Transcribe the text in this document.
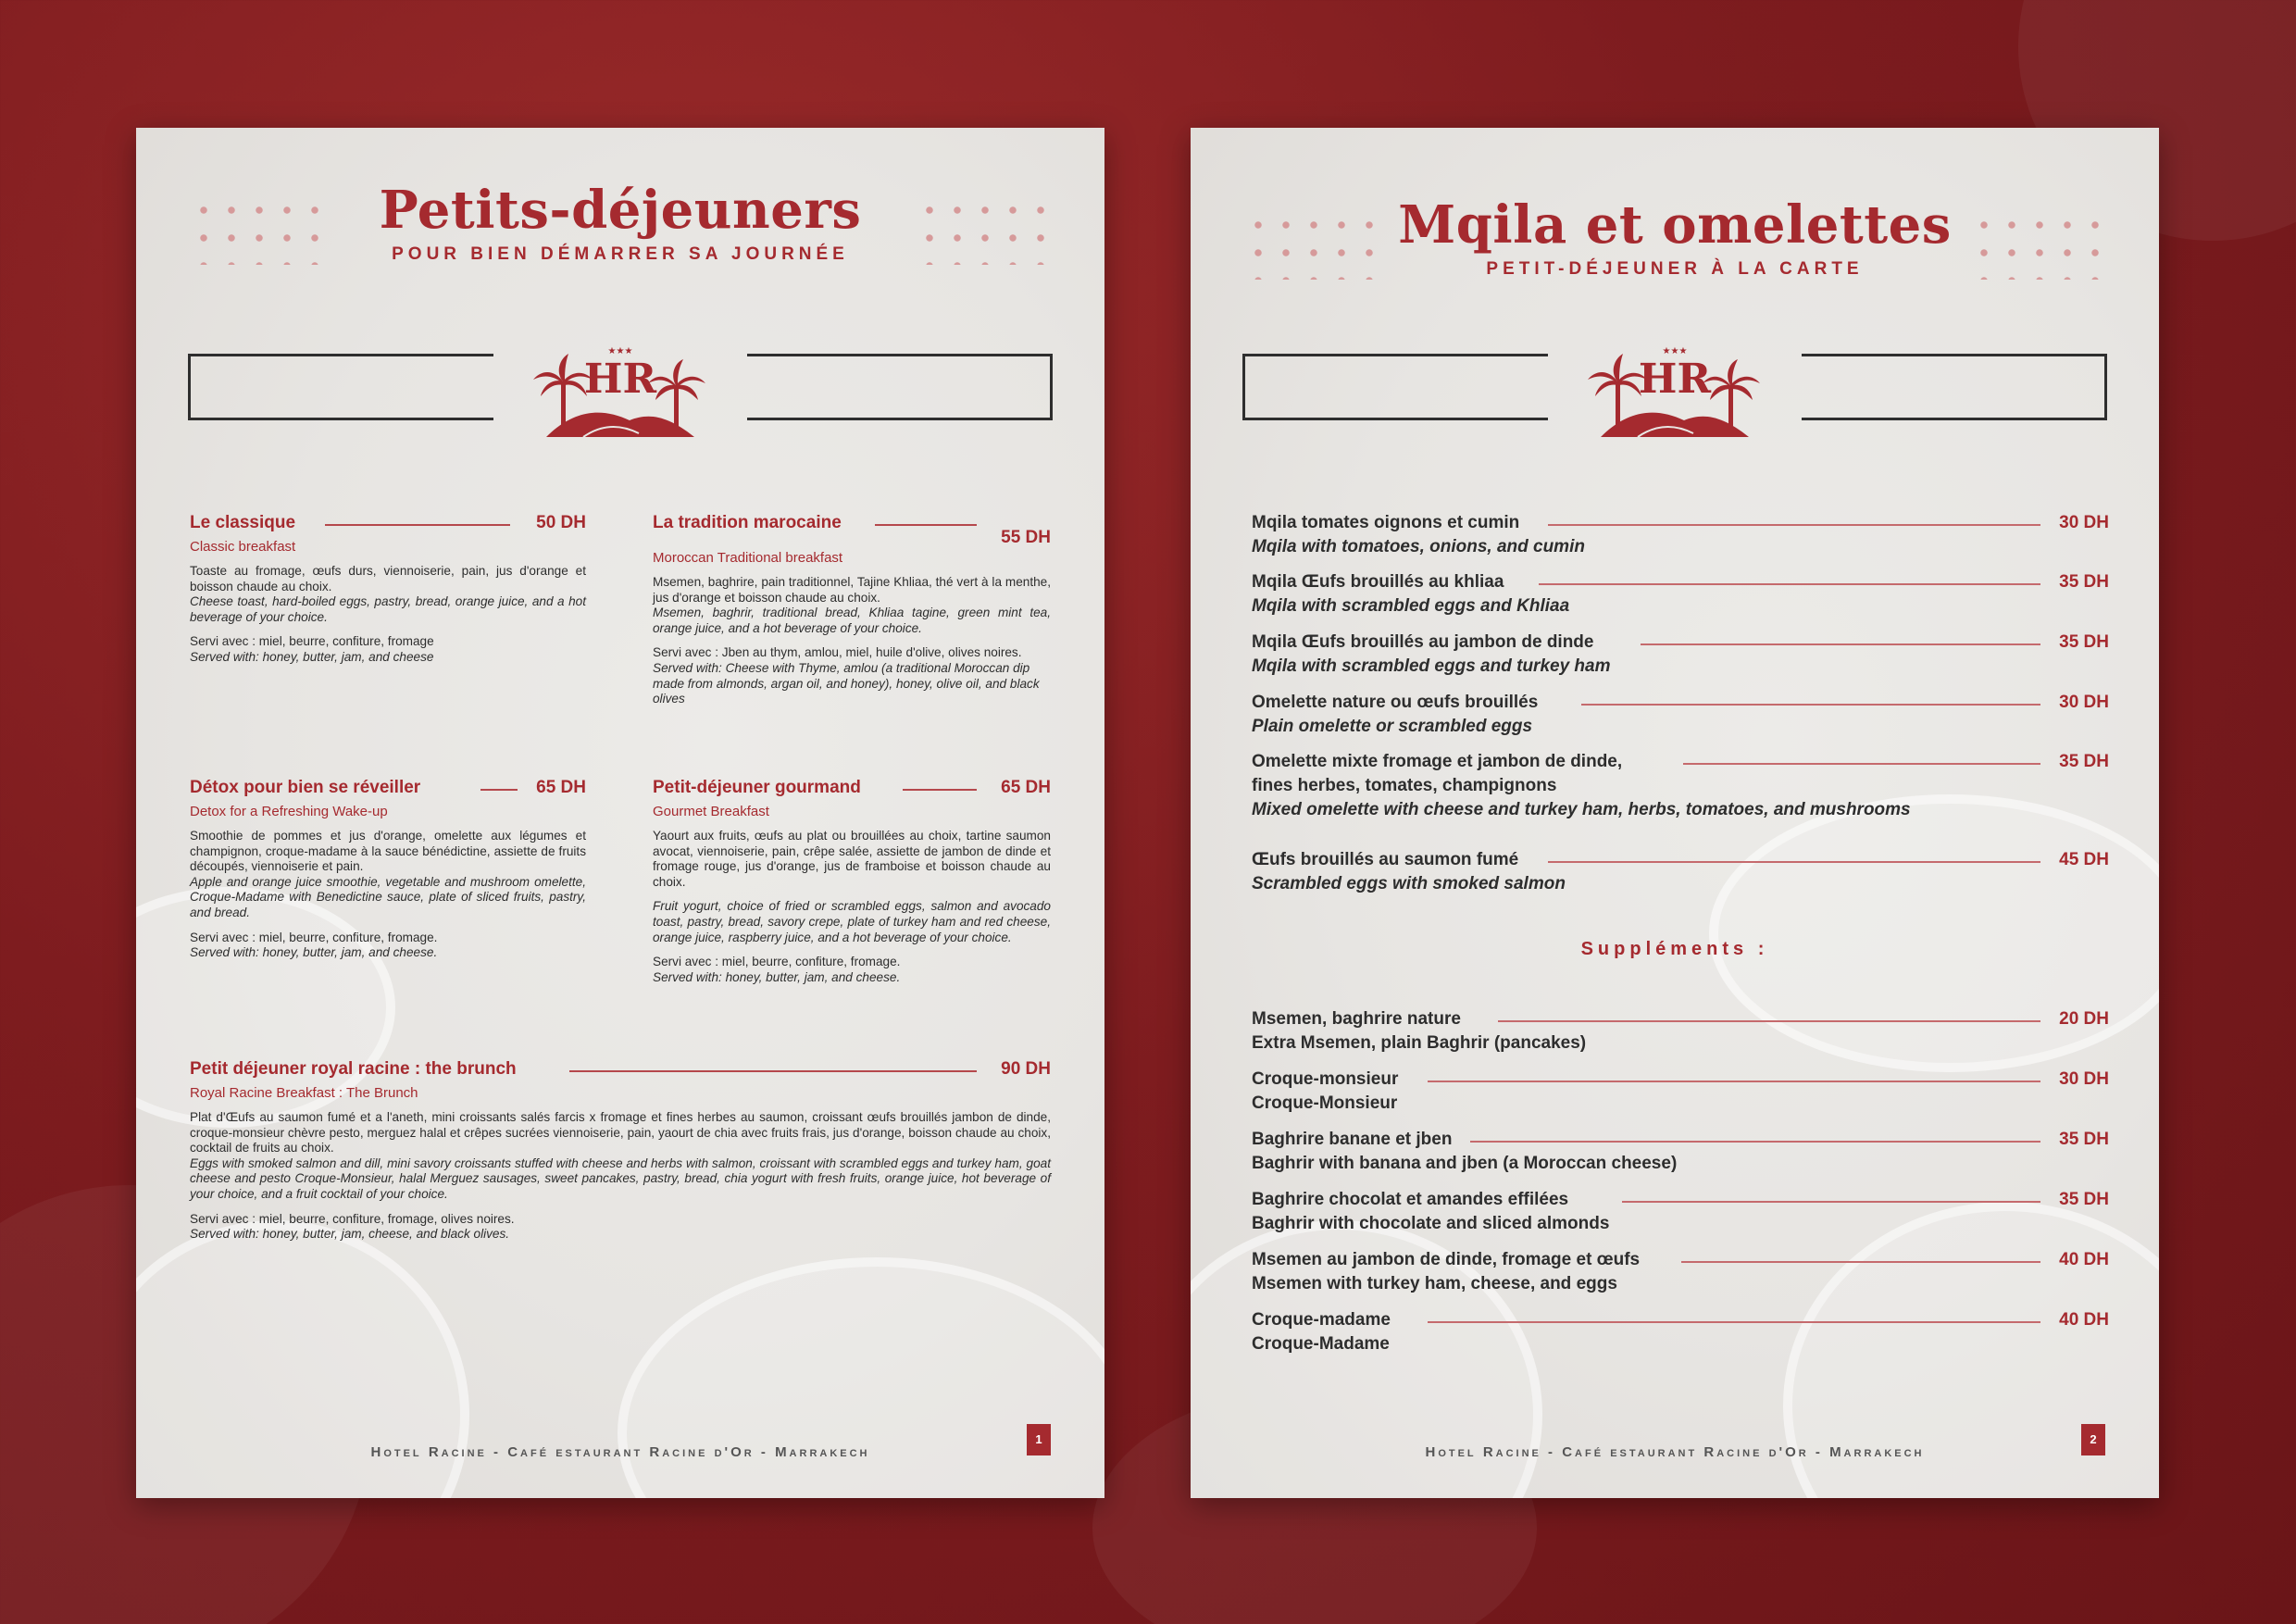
Petits-déjeuners
POUR BIEN DÉMARRER SA JOURNÉE
★★★
HR
Le classique	50 DH
Classic breakfast
Toaste au fromage, œufs durs, viennoiserie, pain, jus d'orange et boisson chaude au choix.
Cheese toast, hard-boiled eggs, pastry, bread, orange juice, and a hot beverage of your choice.
Servi avec : miel, beurre, confiture, fromage
Served with: honey, butter, jam, and cheese
La tradition marocaine
55 DH
Moroccan Traditional breakfast
Msemen, baghrire, pain traditionnel, Tajine Khliaa, thé vert à la menthe, jus d'orange et boisson chaude au choix.
Msemen, baghrir, traditional bread, Khliaa tagine, green mint tea, orange juice, and a hot beverage of your choice.
Servi avec : Jben au thym, amlou, miel, huile d'olive, olives noires.
Served with: Cheese with Thyme, amlou (a traditional Moroccan dip made from almonds, argan oil, and honey), honey, olive oil, and black olives
Détox pour bien se réveiller	65 DH
Detox for a Refreshing Wake-up
Smoothie de pommes et jus d'orange, omelette aux légumes et champignon, croque-madame à la sauce bénédictine, assiette de fruits découpés, viennoiserie et pain.
Apple and orange juice smoothie, vegetable and mushroom omelette, Croque-Madame with Benedictine sauce, plate of sliced fruits, pastry, and bread.
Servi avec : miel, beurre, confiture, fromage.
Served with: honey, butter, jam, and cheese.
Petit-déjeuner gourmand	65 DH
Gourmet Breakfast
Yaourt aux fruits, œufs au plat ou brouillées au choix, tartine saumon avocat, viennoiserie, pain, crêpe salée, assiette de jambon de dinde et fromage rouge, jus d'orange, jus de framboise et boisson chaude au choix.
Fruit yogurt, choice of fried or scrambled eggs, salmon and avocado toast, pastry, bread, savory crepe, plate of turkey ham and red cheese, orange juice, raspberry juice, and a hot beverage of your choice.
Servi avec : miel, beurre, confiture, fromage.
Served with: honey, butter, jam, and cheese.
Petit déjeuner royal racine : the brunch	90 DH
Royal Racine Breakfast : The Brunch
Plat d'Œufs au saumon fumé et a l'aneth, mini croissants salés farcis x fromage et fines herbes au saumon, croissant œufs brouillés jambon de dinde, croque-monsieur chèvre pesto, merguez halal et crêpes sucrées viennoiserie, pain, yaourt de chia avec fruits frais, jus d'orange, boisson chaude au choix, cocktail de fruits au choix.
Eggs with smoked salmon and dill, mini savory croissants stuffed with cheese and herbs with salmon, croissant with scrambled eggs and turkey ham, goat cheese and pesto Croque-Monsieur, halal Merguez sausages, sweet pancakes, pastry, bread, chia yogurt with fresh fruits, orange juice, hot beverage of your choice, and a fruit cocktail of your choice.
Servi avec : miel, beurre, confiture, fromage, olives noires.
Served with: honey, butter, jam, cheese, and black olives.
Hotel Racine - Café estaurant Racine d'Or - Marrakech
1
Mqila et omelettes
PETIT-DÉJEUNER À LA CARTE
★★★
HR
Mqila tomates oignons et cumin	30 DH
Mqila with tomatoes, onions, and cumin
Mqila Œufs brouillés au khliaa	35 DH
Mqila with scrambled eggs and Khliaa
Mqila Œufs brouillés au jambon de dinde	35 DH
Mqila with scrambled eggs and turkey ham
Omelette nature ou œufs brouillés	30 DH
Plain omelette or scrambled eggs
Omelette mixte fromage et jambon de dinde,	35 DH
fines herbes, tomates, champignons
Mixed omelette with cheese and turkey ham, herbs, tomatoes, and mushrooms
Œufs brouillés au saumon fumé	45 DH
Scrambled eggs with smoked salmon
Suppléments :
Msemen, baghrire nature	20 DH
Extra Msemen, plain Baghrir (pancakes)
Croque-monsieur	30 DH
Croque-Monsieur
Baghrire banane et jben	35 DH
Baghrir with banana and jben (a Moroccan cheese)
Baghrire chocolat et amandes effilées	35 DH
Baghrir with chocolate and sliced almonds
Msemen au jambon de dinde, fromage et œufs	40 DH
Msemen with turkey ham, cheese, and eggs
Croque-madame	40 DH
Croque-Madame
Hotel Racine - Café estaurant Racine d'Or - Marrakech
2
